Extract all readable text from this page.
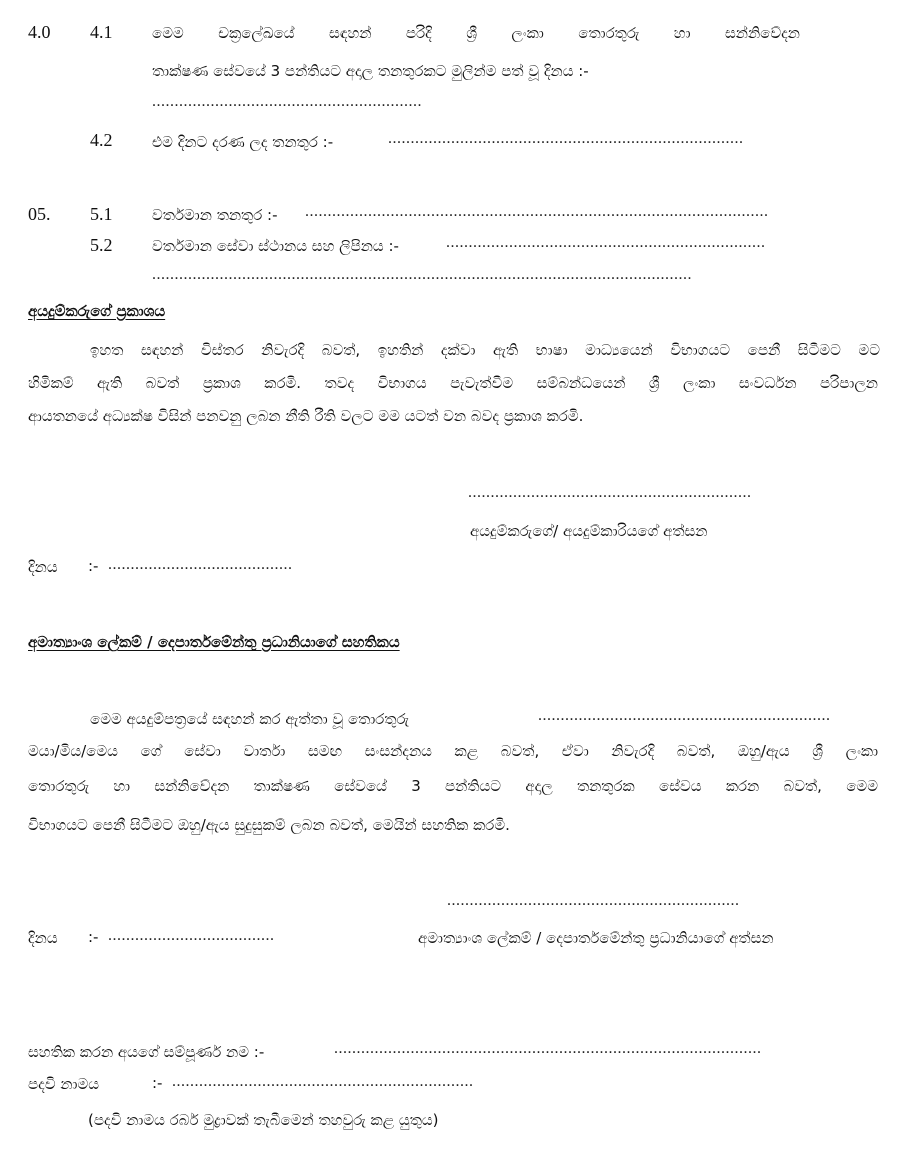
4.0 4.1	මෙම චක්‍රලේඛයේ සඳහන් පරිදි ශ්‍රී ලංකා තොරතුරු හා සන්නිවේදන
තාක්ෂණ සේවයේ 3 පන්තියට අදාල තනතුරකට මුලින්ම පත් වූ දිනය :-
............................................................
4.2	එම දිනට දරණ ලද තනතුර :-	...............................................................................
05. 5.1	වර්තමාන තනතුර :- .......................................................................................................
5.2	වර්තමාන සේවා ස්ථානය සහ ලිපිනය :-	.......................................................................
........................................................................................................................
අයදුම්කරුගේ ප්‍රකාශය
ඉහත සඳහන් විස්තර නිවැරදි බවත්, ඉහතින් දක්වා ඇති භාෂා මාධ්‍යයෙන් විභාගයට පෙනී සිටීමට මට
හිමිකම් ඇති බවත් ප්‍රකාශ කරමි. තවද විභාගය පැවැත්වීම සම්බන්ධයෙන් ශ්‍රී ලංකා සංවර්ධන පරිපාලන
ආයතනයේ අධ්‍යක්ෂ විසින් පනවනු ලබන නීති රීති වලට මම යටත් වන බවද ප්‍රකාශ කරමි.
...............................................................
අයදුම්කරුගේ/ අයදුම්කාරියගේ අත්සන
දිනය :- .........................................
අමාත්‍යාංශ ලේකම් / දෙපාර්තමේන්තු ප්‍රධානියාගේ සහතිකය
මෙම අයදුම්පත්‍රයේ සඳහන් කර ඇත්තා වූ තොරතුරු	.................................................................
මයා/මිය/මෙය ගේ සේවා වාර්තා සමඟ සංසන්දනය කළ බවත්, ඒවා නිවැරදි බවත්, ඔහු/ඇය ශ්‍රී ලංකා
තොරතුරු හා සන්නිවේදන තාක්ෂණ සේවයේ 3 පන්තියට අදාල තනතුරක සේවය කරන බවත්, මෙම
විභාගයට පෙනී සිටීමට ඔහු/ඇය සුදුසුකම් ලබන බවත්, මෙයින් සහතික කරමි.
.................................................................
දිනය :- .....................................	අමාත්‍යාංශ ලේකම් / දෙපාර්තමේන්තු ප්‍රධානියාගේ අත්සන
සහතික කරන අයගේ සම්පූර්ණ නම :-	...............................................................................................
පදවි නාමය	:- ...................................................................
(පදවි නාමය රබර් මුද්‍රාවක් තැබීමෙන් තහවුරු කළ යුතුය)
